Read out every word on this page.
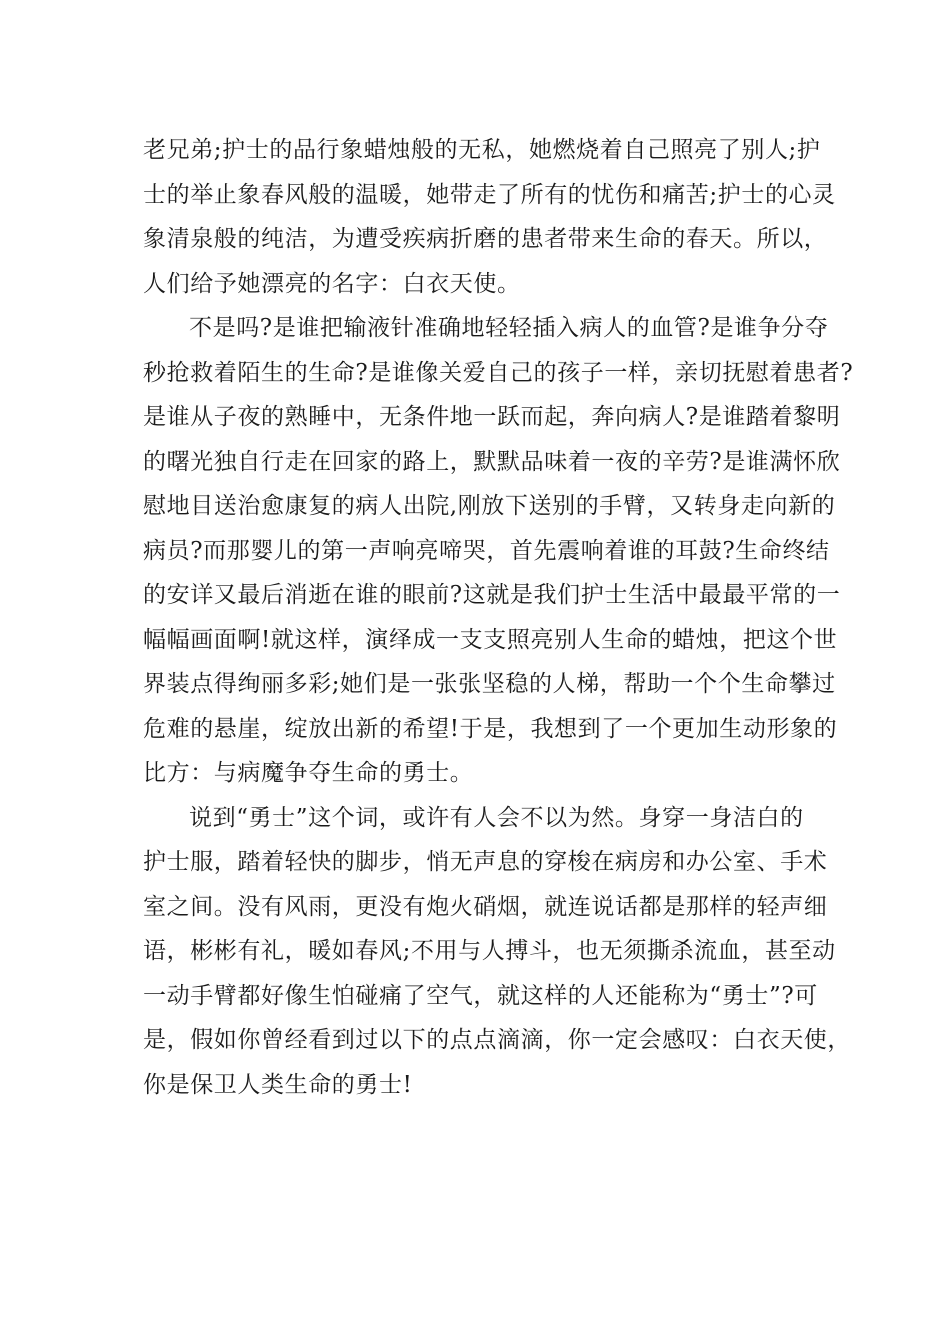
老兄弟;护士的品行象蜡烛般的无私，她燃烧着自己照亮了别人;护
士的举止象春风般的温暖，她带走了所有的忧伤和痛苦;护士的心灵
象清泉般的纯洁，为遭受疾病折磨的患者带来生命的春天。所以，
人们给予她漂亮的名字：白衣天使。
不是吗?是谁把输液针准确地轻轻插入病人的血管?是谁争分夺
秒抢救着陌生的生命?是谁像关爱自己的孩子一样，亲切抚慰着患者?
是谁从子夜的熟睡中，无条件地一跃而起，奔向病人?是谁踏着黎明
的曙光独自行走在回家的路上，默默品味着一夜的辛劳?是谁满怀欣
慰地目送治愈康复的病人出院,刚放下送别的手臂，又转身走向新的
病员?而那婴儿的第一声响亮啼哭，首先震响着谁的耳鼓?生命终结
的安详又最后消逝在谁的眼前?这就是我们护士生活中最最平常的一
幅幅画面啊!就这样，演绎成一支支照亮别人生命的蜡烛，把这个世
界装点得绚丽多彩;她们是一张张坚稳的人梯，帮助一个个生命攀过
危难的悬崖，绽放出新的希望!于是，我想到了一个更加生动形象的
比方：与病魔争夺生命的勇士。
说到“勇士”这个词，或许有人会不以为然。身穿一身洁白的
护士服，踏着轻快的脚步，悄无声息的穿梭在病房和办公室、手术
室之间。没有风雨，更没有炮火硝烟，就连说话都是那样的轻声细
语，彬彬有礼，暖如春风;不用与人搏斗，也无须撕杀流血，甚至动
一动手臂都好像生怕碰痛了空气，就这样的人还能称为“勇士”?可
是，假如你曾经看到过以下的点点滴滴，你一定会感叹：白衣天使，
你是保卫人类生命的勇士!
